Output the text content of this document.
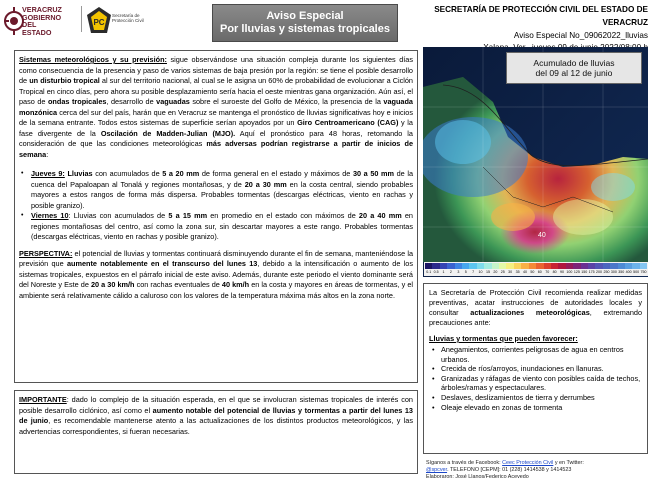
VERACRUZ
GOBIERNO
DEL ESTADO
PC
Secretaría de
Protección Civil	Aviso Especial
Por lluvias y sistemas tropicales
SECRETARÍA DE PROTECCIÓN CIVIL DEL ESTADO DE VERACRUZ
Aviso Especial No_09062022_lluvias

Sistemas meteorológicos y su previsión: sigue observándose una situación compleja durante los siguientes días como consecuencia de la presencia y paso de varios sistemas de baja presión por la región: se tiene el posible desarrollo de un disturbio tropical al sur del territorio nacional, al cual se le asigna un 60% de probabilidad de evolucionar a Ciclón Tropical en cinco días, pero ahora su posible desplazamiento sería hacia el oeste mientras gana organización. Aún así, el paso de ondas tropicales, desarrollo de vaguadas sobre el suroeste del Golfo de México, la presencia de la vaguada monzónica cerca del sur del país, harán que en Veracruz se mantenga el pronóstico de lluvias significativas hoy e inicios de la semana entrante. Todos estos sistemas de superficie serían apoyados por un Giro Centroamericano (CAG) y la fase divergente de la Oscilación de Madden-Julian (MJO). Aquí el pronóstico para 48 horas, retomando la consideración de que las condiciones meteorológicas más adversas podrían registrarse a partir de inicios de semana:

• Jueves 9: Lluvias con acumulados de 5 a 20 mm de forma general en el estado y máximos de 30 a 50 mm de la cuenca del Papaloapan al Tonalá y regiones montañosas, y de 20 a 30 mm en la costa central, siendo probables mayores a estos rangos de forma más dispersa. Probables tormentas (descargas eléctricas, viento en rachas y posible granizo).
• Viernes 10: Lluvias con acumulados de 5 a 15 mm en promedio en el estado con máximos de 20 a 40 mm en regiones montañosas del centro, así como la zona sur, sin descartar mayores a este rango. Probables tormentas (descargas eléctricas, viento en rachas y posible granizo).

PERSPECTIVA: el potencial de lluvias y tormentas continuará disminuyendo durante el fin de semana, manteniéndose la previsión que aumente notablemente en el transcurso del lunes 13, debido a la intensificación o aumento de los sistemas tropicales, expuestos en el párrafo inicial de este aviso. Además, durante este periodo el viento dominante será del Noreste y Este de 20 a 30 km/h con rachas eventuales de 40 km/h en la costa y mayores en áreas de tormentas, y el ambiente será relativamente cálido a caluroso con los valores de la temperatura máxima más altos en la zona norte.

IMPORTANTE: dado lo complejo de la situación esperada, en el que se involucran sistemas tropicales de interés con posible desarrollo ciclónico, así como el aumento notable del potencial de lluvias y tormentas a partir del lunes 13 de junio, es recomendable mantenerse atento a las actualizaciones de los distintos productos meteorológicos, y las advertencias correspondientes, si fueran necesarias.
40
Acumulado de lluvias
del 09 al 12 de junio
0.1 0.5	1	2	3	5	7	10 15 20 25 30 35 40 50 60 70 80 90 100 125 150 175 200 250 300 350 400 500 750
La Secretaría de Protección Civil recomienda realizar medidas preventivas, acatar instrucciones de autoridades locales y consultar actualizaciones meteorológicas, extremando precauciones ante:
Lluvias y tormentas que pueden favorecer:
• Anegamientos, corrientes peligrosas de agua en centros urbanos.
• Crecida de ríos/arroyos, inundaciones en llanuras.
• Granizadas y ráfagas de viento con posibles caída de techos, árboles/ramas y espectaculares.
• Deslaves, deslizamientos de tierra y derrumbes
• Oleaje elevado en zonas de tormenta
Síganos a través de Facebook: Ceec Protección Civil y en Twitter:
@spcver. TELEFONO [CEPM]: 01 (228) 1414538 y 1414523
Elaboraron: José Llanos/Federico Acevedo
